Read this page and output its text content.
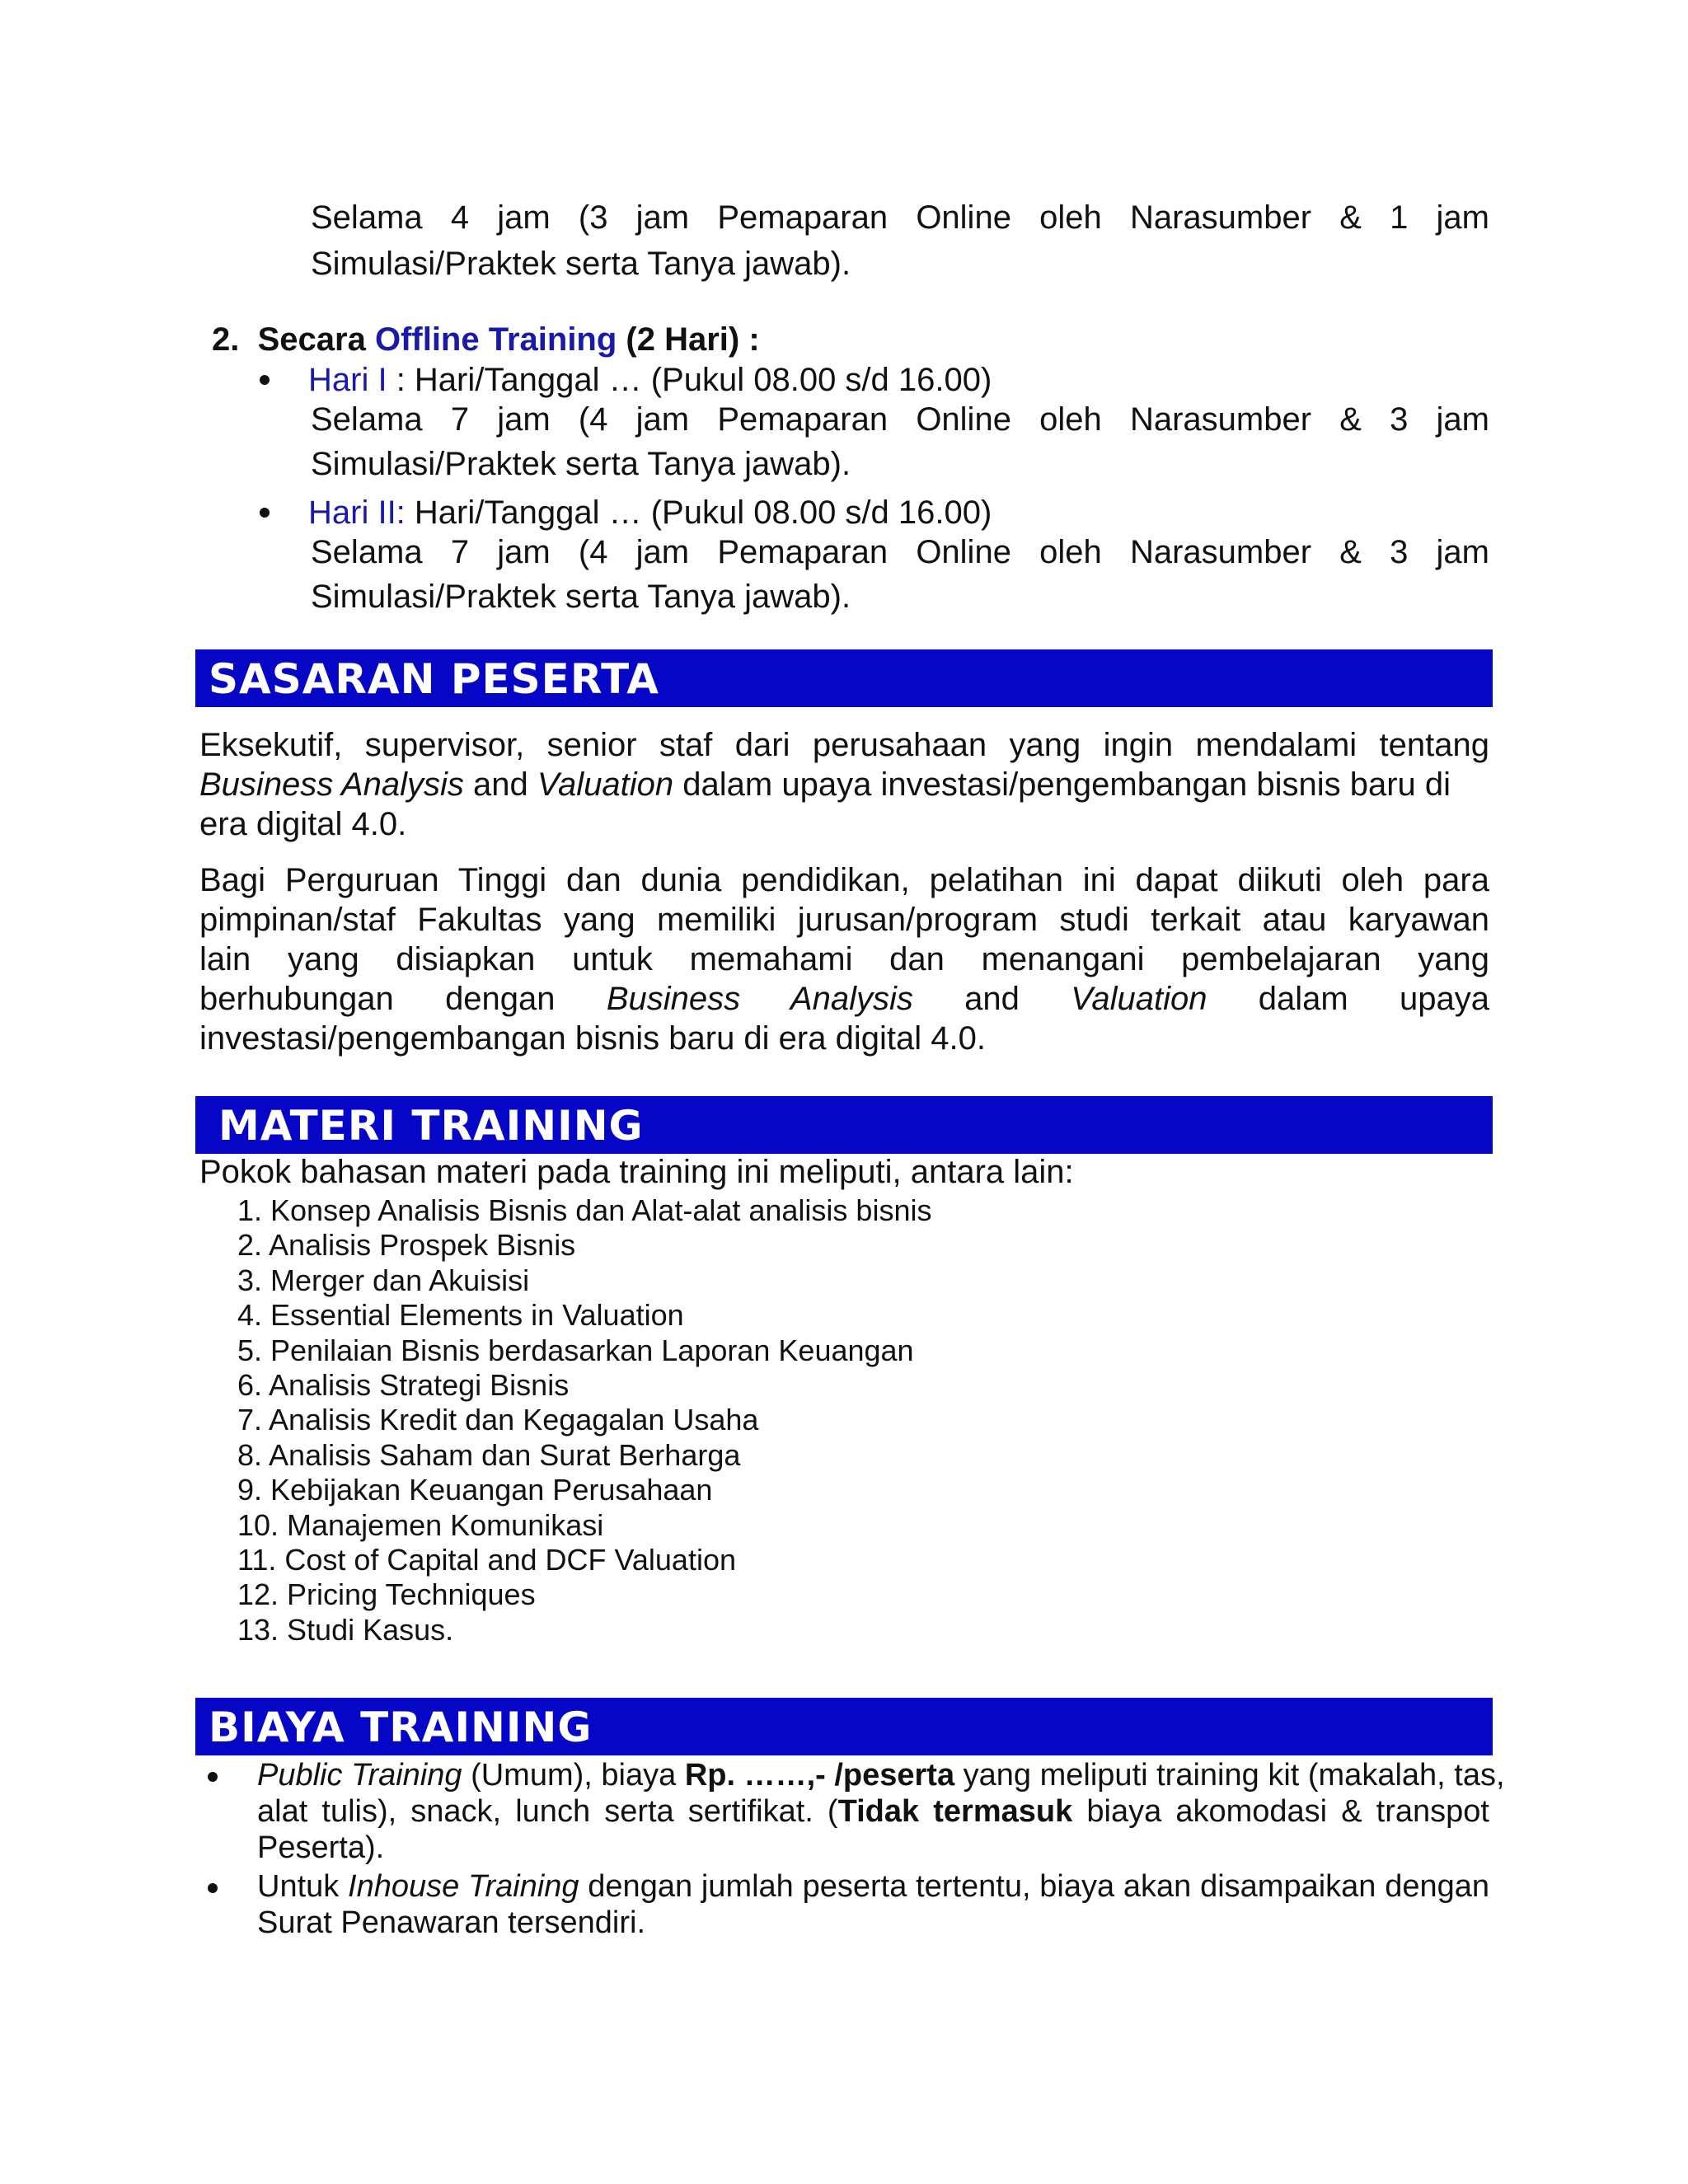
Selama 4 jam (3 jam Pemaparan Online oleh Narasumber & 1 jam
Simulasi/Praktek serta Tanya jawab).
2. Secara Offline Training (2 Hari) :
Hari I : Hari/Tanggal … (Pukul 08.00 s/d 16.00)
Selama 7 jam (4 jam Pemaparan Online oleh Narasumber & 3 jam
Simulasi/Praktek serta Tanya jawab).
Hari II: Hari/Tanggal … (Pukul 08.00 s/d 16.00)
Selama 7 jam (4 jam Pemaparan Online oleh Narasumber & 3 jam
Simulasi/Praktek serta Tanya jawab).
SASARAN PESERTA
Eksekutif, supervisor, senior staf dari perusahaan yang ingin mendalami tentang
Business Analysis and Valuation dalam upaya investasi/pengembangan bisnis baru di
era digital 4.0.
Bagi Perguruan Tinggi dan dunia pendidikan, pelatihan ini dapat diikuti oleh para
pimpinan/staf Fakultas yang memiliki jurusan/program studi terkait atau karyawan
lain yang disiapkan untuk memahami dan menangani pembelajaran yang
berhubungan dengan Business Analysis and Valuation dalam upaya
investasi/pengembangan bisnis baru di era digital 4.0.
MATERI TRAINING
Pokok bahasan materi pada training ini meliputi, antara lain:
1. Konsep Analisis Bisnis dan Alat-alat analisis bisnis
2. Analisis Prospek Bisnis
3. Merger dan Akuisisi
4. Essential Elements in Valuation
5. Penilaian Bisnis berdasarkan Laporan Keuangan
6. Analisis Strategi Bisnis
7. Analisis Kredit dan Kegagalan Usaha
8. Analisis Saham dan Surat Berharga
9. Kebijakan Keuangan Perusahaan
10. Manajemen Komunikasi
11. Cost of Capital and DCF Valuation
12. Pricing Techniques
13. Studi Kasus.
BIAYA TRAINING
Public Training (Umum), biaya Rp. ……,- /peserta yang meliputi training kit (makalah, tas,
alat tulis), snack, lunch serta sertifikat. (Tidak termasuk biaya akomodasi & transpot
Peserta).
Untuk Inhouse Training dengan jumlah peserta tertentu, biaya akan disampaikan dengan
Surat Penawaran tersendiri.
